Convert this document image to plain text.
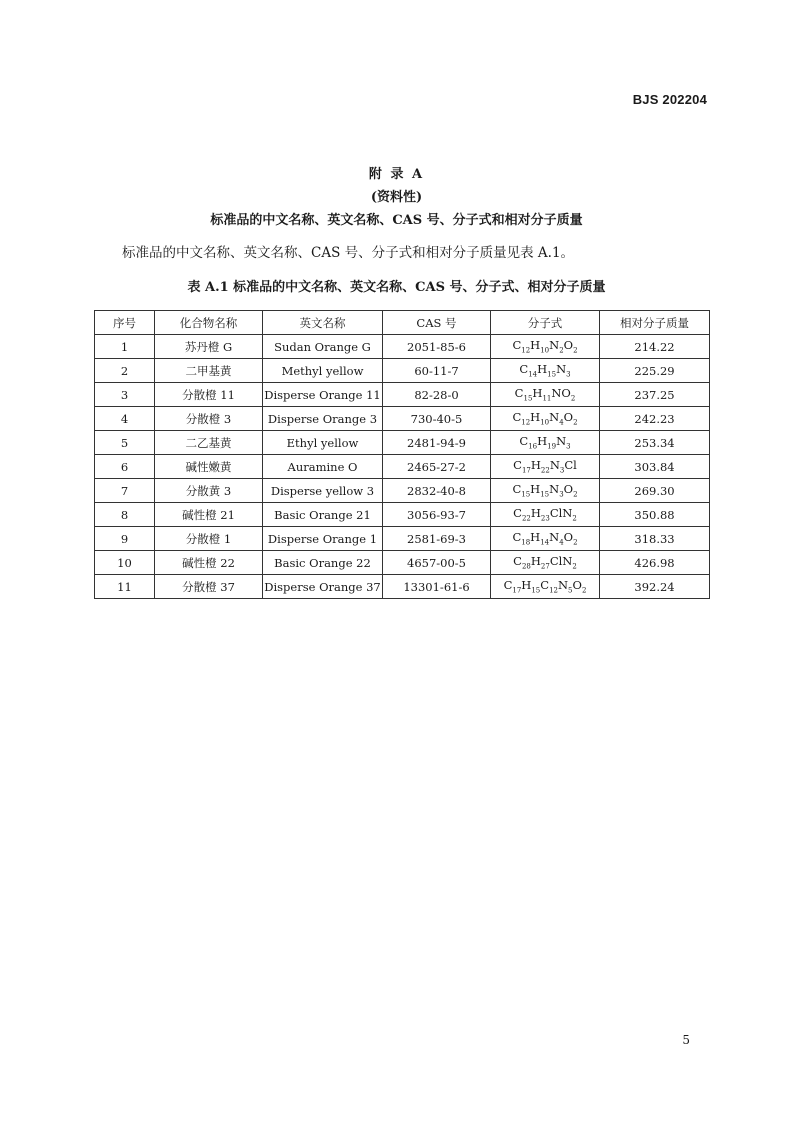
BJS 202204
附 录 A
(资料性)
标准品的中文名称、英文名称、CAS 号、分子式和相对分子质量
标准品的中文名称、英文名称、CAS 号、分子式和相对分子质量见表 A.1。
表 A.1 标准品的中文名称、英文名称、CAS 号、分子式、相对分子质量
序号	化合物名称	英文名称	CAS 号	分子式	相对分子质量
1	苏丹橙 G	Sudan Orange G	2051-85-6	$C_{12}H_{10}N_2O_2$	214.22
2	二甲基黄	Methyl yellow	60-11-7	$C_{14}H_{15}N_3$	225.29
3	分散橙 11	Disperse Orange 11	82-28-0	$C_{15}H_{11}NO_2$	237.25
4	分散橙 3	Disperse Orange 3	730-40-5	$C_{12}H_{10}N_4O_2$	242.23
5	二乙基黄	Ethyl yellow	2481-94-9	$C_{16}H_{19}N_3$	253.34
6	碱性嫩黄	Auramine O	2465-27-2	$C_{17}H_{22}N_3Cl$	303.84
7	分散黄 3	Disperse yellow 3	2832-40-8	$C_{15}H_{15}N_3O_2$	269.30
8	碱性橙 21	Basic Orange 21	3056-93-7	$C_{22}H_{23}ClN_2$	350.88
9	分散橙 1	Disperse Orange 1	2581-69-3	$C_{18}H_{14}N_4O_2$	318.33
10	碱性橙 22	Basic Orange 22	4657-00-5	$C_{28}H_{27}ClN_2$	426.98
11	分散橙 37	Disperse Orange 37	13301-61-6	$C_{17}H_{15}C_{12}N_5O_2$	392.24
5
